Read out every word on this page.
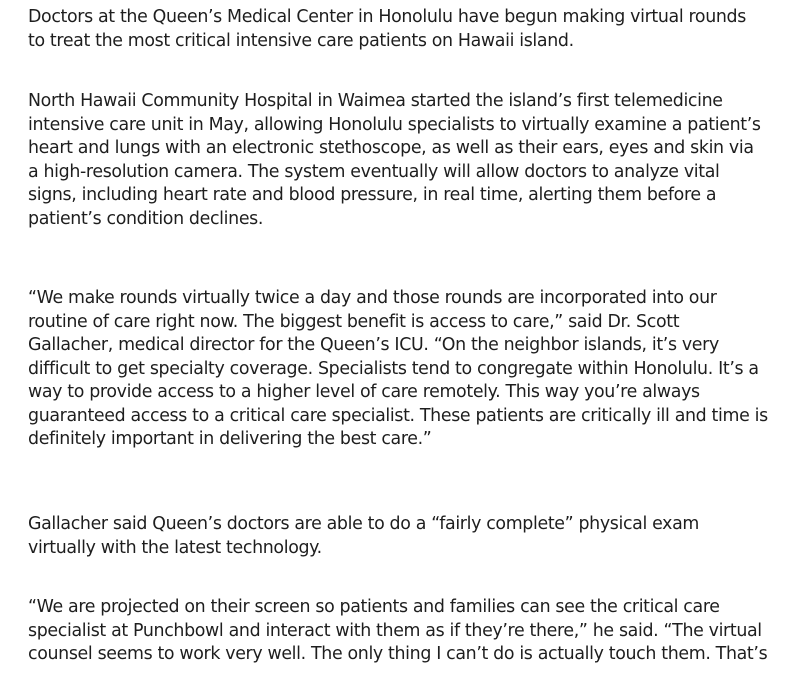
Doctors at the Queen’s Medical Center in Honolulu have begun making virtual rounds
to treat the most critical intensive care patients on Hawaii island.

North Hawaii Community Hospital in Waimea started the island’s first telemedicine
intensive care unit in May, allowing Honolulu specialists to virtually examine a patient’s
heart and lungs with an electronic stethoscope, as well as their ears, eyes and skin via
a high-resolution camera. The system eventually will allow doctors to analyze vital
signs, including heart rate and blood pressure, in real time, alerting them before a
patient’s condition declines.

“We make rounds virtually twice a day and those rounds are incorporated into our
routine of care right now. The biggest benefit is access to care,” said Dr. Scott
Gallacher, medical director for the Queen’s ICU. “On the neighbor islands, it’s very
difficult to get specialty coverage. Specialists tend to congregate within Honolulu. It’s a
way to provide access to a higher level of care remotely. This way you’re always
guaranteed access to a critical care specialist. These patients are critically ill and time is
definitely important in delivering the best care.”

Gallacher said Queen’s doctors are able to do a “fairly complete” physical exam
virtually with the latest technology.

“We are projected on their screen so patients and families can see the critical care
specialist at Punchbowl and interact with them as if they’re there,” he said. “The virtual
counsel seems to work very well. The only thing I can’t do is actually touch them. That’s
